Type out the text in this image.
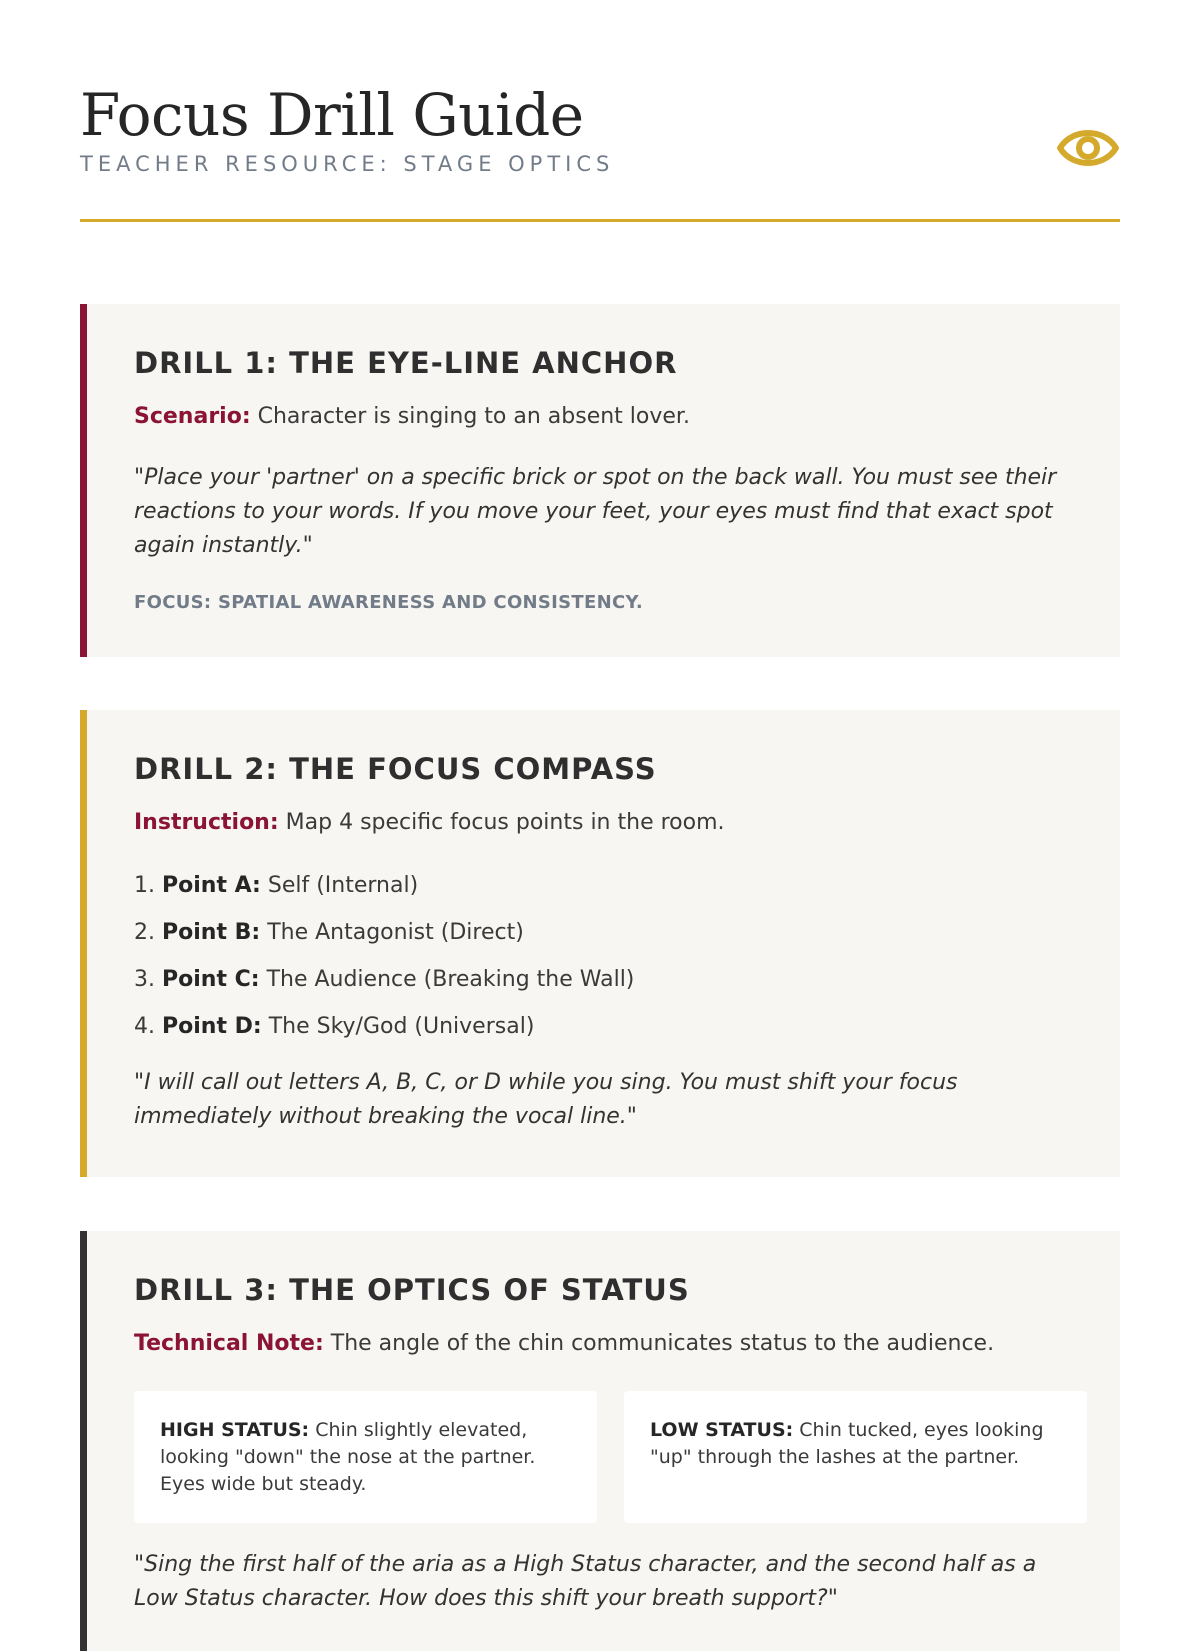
Focus Drill Guide
TEACHER RESOURCE: STAGE OPTICS
DRILL 1: THE EYE-LINE ANCHOR
Scenario: Character is singing to an absent lover.
"Place your 'partner' on a specific brick or spot on the back wall. You must see their reactions to your words. If you move your feet, your eyes must find that exact spot again instantly."
FOCUS: SPATIAL AWARENESS AND CONSISTENCY.
DRILL 2: THE FOCUS COMPASS
Instruction: Map 4 specific focus points in the room.
1. Point A: Self (Internal)
2. Point B: The Antagonist (Direct)
3. Point C: The Audience (Breaking the Wall)
4. Point D: The Sky/God (Universal)
"I will call out letters A, B, C, or D while you sing. You must shift your focus immediately without breaking the vocal line."
DRILL 3: THE OPTICS OF STATUS
Technical Note: The angle of the chin communicates status to the audience.
HIGH STATUS: Chin slightly elevated, looking "down" the nose at the partner. Eyes wide but steady.
LOW STATUS: Chin tucked, eyes looking "up" through the lashes at the partner.
"Sing the first half of the aria as a High Status character, and the second half as a Low Status character. How does this shift your breath support?"
